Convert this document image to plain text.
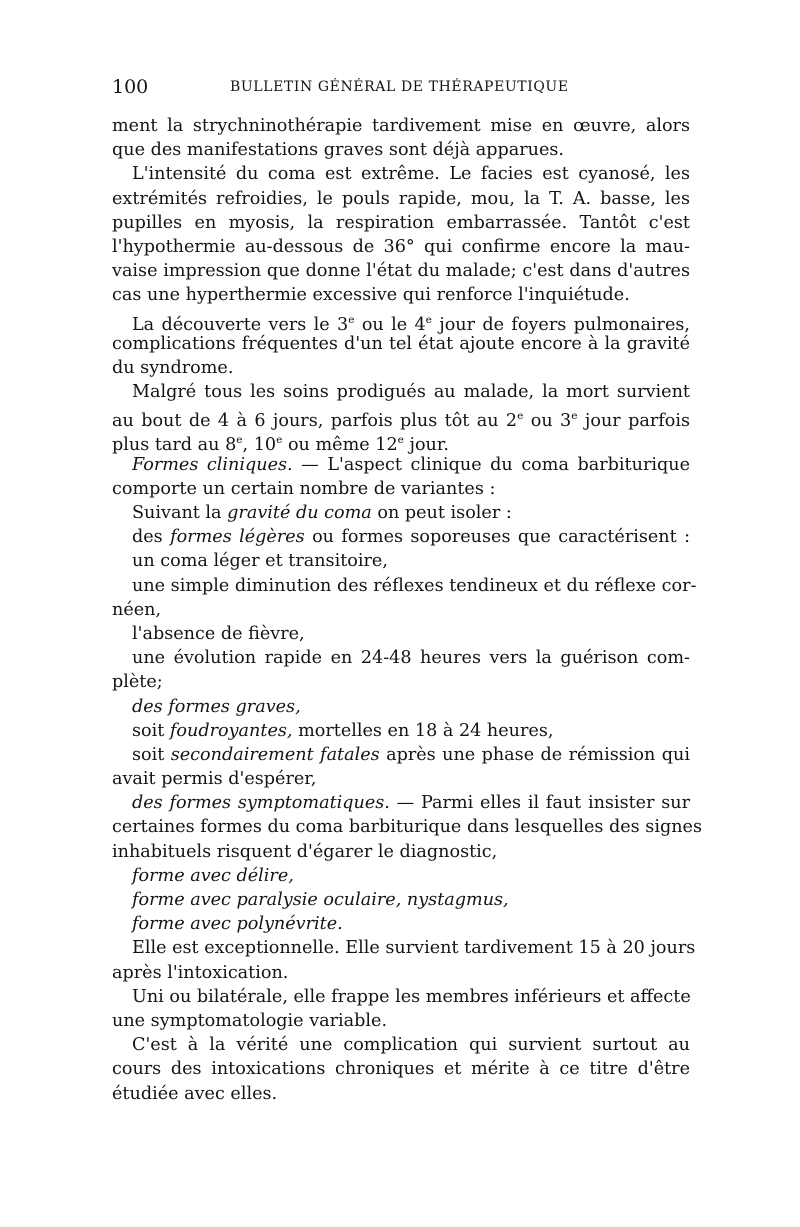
100	BULLETIN GÉNÉRAL DE THÉRAPEUTIQUE
ment la strychninothérapie tardivement mise en œuvre, alors
que des manifestations graves sont déjà apparues.
L'intensité du coma est extrême. Le facies est cyanosé, les
extrémités refroidies, le pouls rapide, mou, la T. A. basse, les
pupilles en myosis, la respiration embarrassée. Tantôt c'est
l'hypothermie au-dessous de 36° qui confirme encore la mau-
vaise impression que donne l'état du malade; c'est dans d'autres
cas une hyperthermie excessive qui renforce l'inquiétude.
La découverte vers le 3e ou le 4e jour de foyers pulmonaires,
complications fréquentes d'un tel état ajoute encore à la gravité
du syndrome.
Malgré tous les soins prodigués au malade, la mort survient
au bout de 4 à 6 jours, parfois plus tôt au 2e ou 3e jour parfois
plus tard au 8e, 10e ou même 12e jour.
Formes cliniques. — L'aspect clinique du coma barbiturique
comporte un certain nombre de variantes :
Suivant la gravité du coma on peut isoler :
des formes légères ou formes soporeuses que caractérisent :
un coma léger et transitoire,
une simple diminution des réflexes tendineux et du réflexe cor-
néen,
l'absence de fièvre,
une évolution rapide en 24-48 heures vers la guérison com-
plète;
des formes graves,
soit foudroyantes, mortelles en 18 à 24 heures,
soit secondairement fatales après une phase de rémission qui
avait permis d'espérer,
des formes symptomatiques. — Parmi elles il faut insister sur
certaines formes du coma barbiturique dans lesquelles des signes
inhabituels risquent d'égarer le diagnostic,
forme avec délire,
forme avec paralysie oculaire, nystagmus,
forme avec polynévrite.
Elle est exceptionnelle. Elle survient tardivement 15 à 20 jours
après l'intoxication.
Uni ou bilatérale, elle frappe les membres inférieurs et affecte
une symptomatologie variable.
C'est à la vérité une complication qui survient surtout au
cours des intoxications chroniques et mérite à ce titre d'être
étudiée avec elles.
